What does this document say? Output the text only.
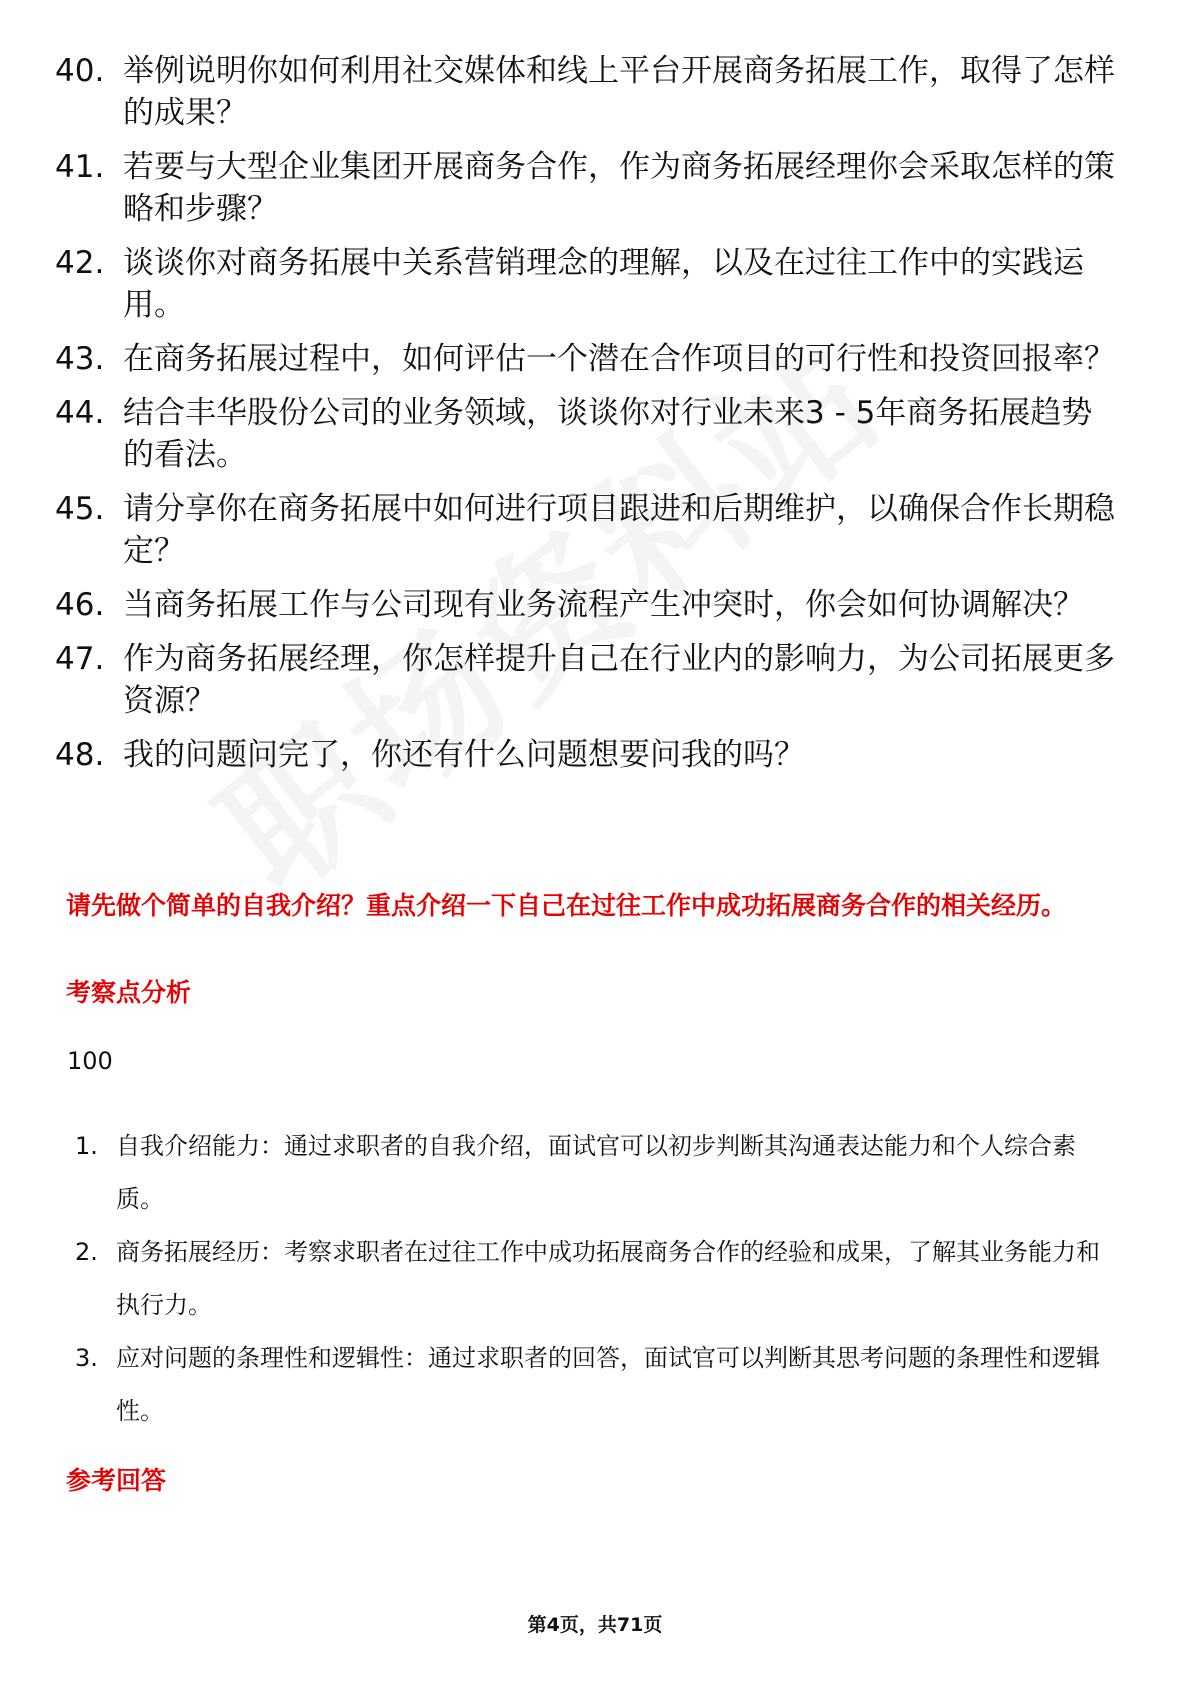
40. 举例说明你如何利用社交媒体和线上平台开展商务拓展工作，取得了怎样的成果？
41. 若要与大型企业集团开展商务合作，作为商务拓展经理你会采取怎样的策略和步骤？
42. 谈谈你对商务拓展中关系营销理念的理解，以及在过往工作中的实践运用。
43. 在商务拓展过程中，如何评估一个潜在合作项目的可行性和投资回报率？
44. 结合丰华股份公司的业务领域，谈谈你对行业未来3 - 5年商务拓展趋势的看法。
45. 请分享你在商务拓展中如何进行项目跟进和后期维护，以确保合作长期稳定？
46. 当商务拓展工作与公司现有业务流程产生冲突时，你会如何协调解决？
47. 作为商务拓展经理，你怎样提升自己在行业内的影响力，为公司拓展更多资源？
48. 我的问题问完了，你还有什么问题想要问我的吗？
请先做个简单的自我介绍？重点介绍一下自己在过往工作中成功拓展商务合作的相关经历。
考察点分析
100
1. 自我介绍能力：通过求职者的自我介绍，面试官可以初步判断其沟通表达能力和个人综合素质。
2. 商务拓展经历：考察求职者在过往工作中成功拓展商务合作的经验和成果，了解其业务能力和执行力。
3. 应对问题的条理性和逻辑性：通过求职者的回答，面试官可以判断其思考问题的条理性和逻辑性。
参考回答
第4页，共71页
